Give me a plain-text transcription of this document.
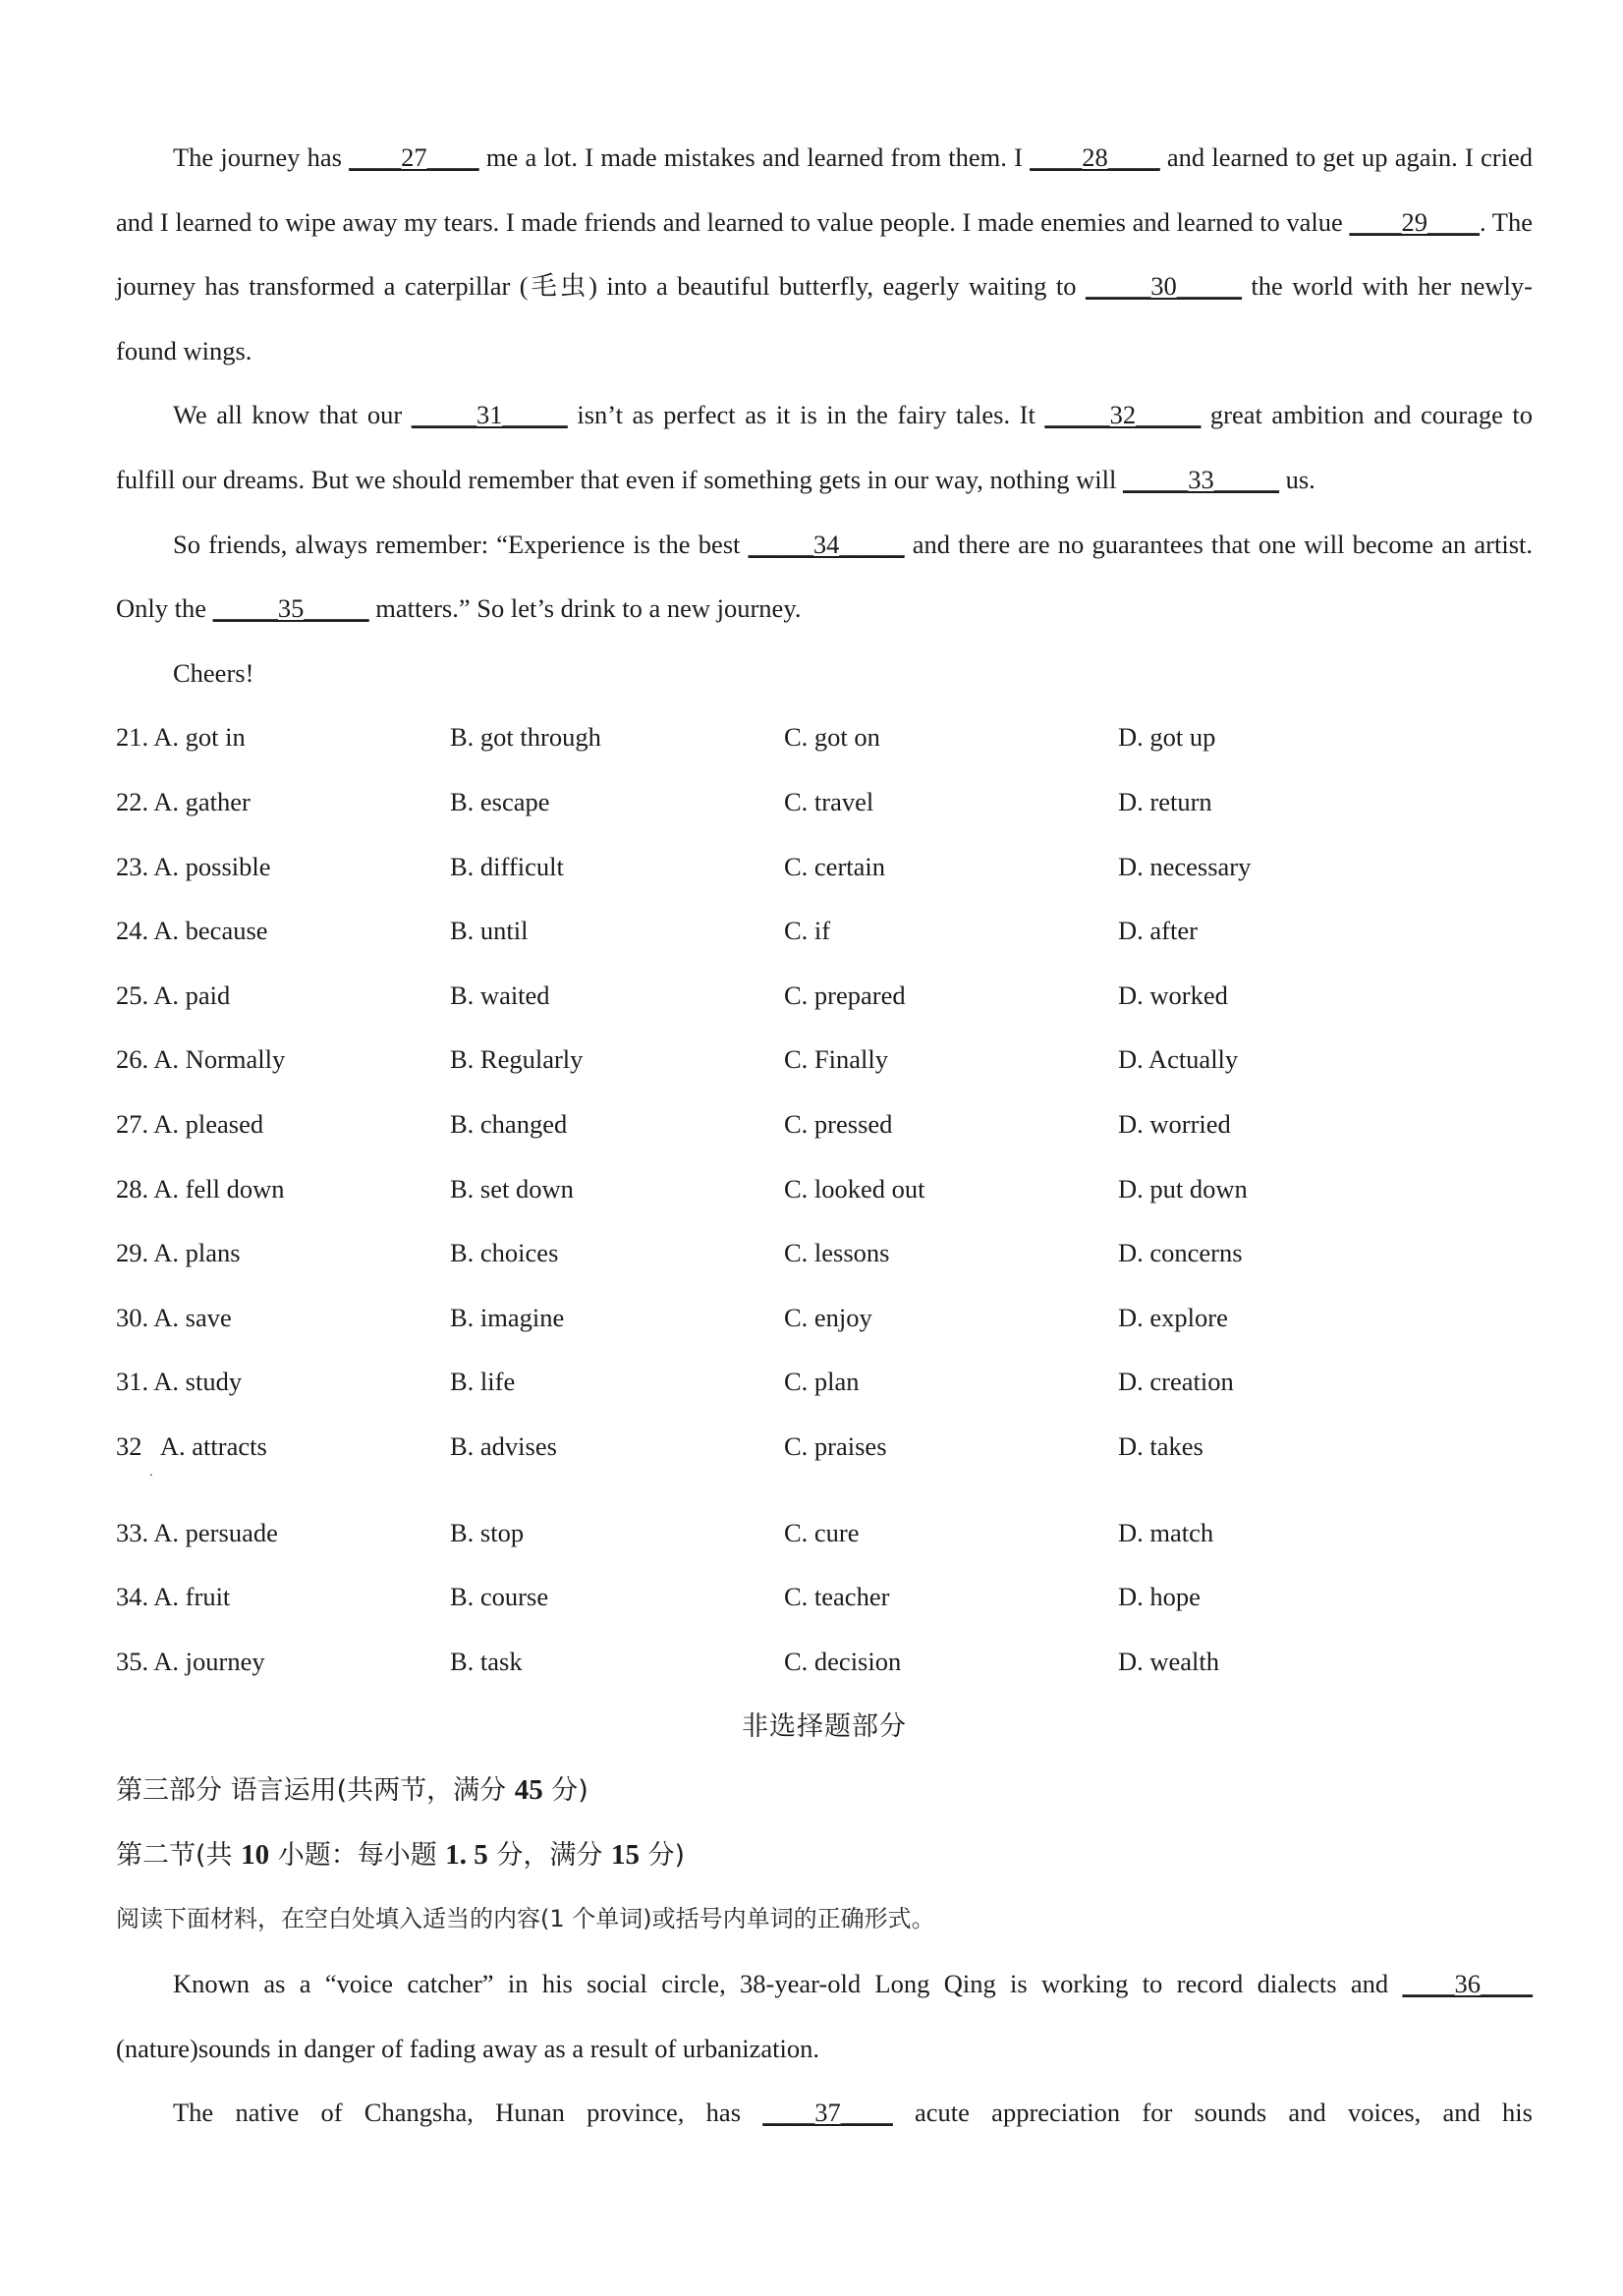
The journey has ____27____ me a lot. I made mistakes and learned from them. I ____28____ and learned to get up again. I cried and I learned to wipe away my tears. I made friends and learned to value people. I made enemies and learned to value ____29____. The journey has transformed a caterpillar (毛虫) into a beautiful butterfly, eagerly waiting to _____30_____ the world with her newly- found wings.

We all know that our _____31_____ isn’t as perfect as it is in the fairy tales. It _____32_____ great ambition and courage to fulfill our dreams. But we should remember that even if something gets in our way, nothing will _____33_____ us.

So friends, always remember: “Experience is the best _____34_____ and there are no guarantees that one will become an artist. Only the _____35_____ matters.” So let’s drink to a new journey.

Cheers!

21. A. got in	B. got through	C. got on	D. got up
22. A. gather	B. escape	C. travel	D. return
23. A. possible	B. difficult	C. certain	D. necessary
24. A. because	B. until	C. if	D. after
25. A. paid	B. waited	C. prepared	D. worked
26. A. Normally	B. Regularly	C. Finally	D. Actually
27. A. pleased	B. changed	C. pressed	D. worried
28. A. fell down	B. set down	C. looked out	D. put down
29. A. plans	B. choices	C. lessons	D. concerns
30. A. save	B. imagine	C. enjoy	D. explore
31. A. study	B. life	C. plan	D. creation
32   A. attracts	B. advises	C. praises	D. takes
.
33. A. persuade	B. stop	C. cure	D. match
34. A. fruit	B. course	C. teacher	D. hope
35. A. journey	B. task	C. decision	D. wealth

非选择题部分

第三部分 语言运用(共两节，满分 45 分)

第二节(共 10 小题：每小题 1. 5 分，满分 15 分)

阅读下面材料，在空白处填入适当的内容(1 个单词)或括号内单词的正确形式。

Known as a “voice catcher” in his social circle, 38-year-old Long Qing is working to record dialects and ____36____ (nature)sounds in danger of fading away as a result of urbanization.

The native of Changsha, Hunan province, has ____37____ acute appreciation for sounds and voices, and his
